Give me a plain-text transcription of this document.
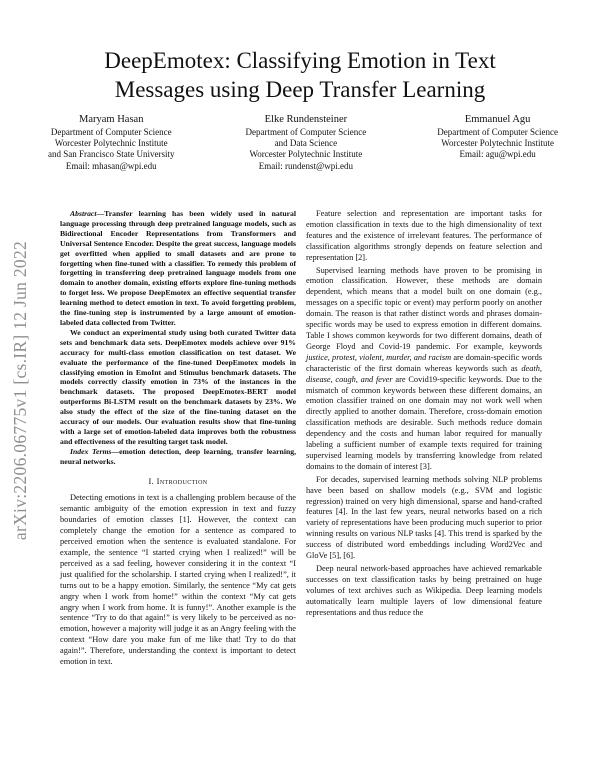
arXiv:2206.06775v1 [cs.IR] 12 Jun 2022
DeepEmotex: Classifying Emotion in Text Messages using Deep Transfer Learning
Maryam Hasan
Department of Computer Science
Worcester Polytechnic Institute
and San Francisco State University
Email: mhasan@wpi.edu
Elke Rundensteiner
Department of Computer Science
and Data Science
Worcester Polytechnic Institute
Email: rundenst@wpi.edu
Emmanuel Agu
Department of Computer Science
Worcester Polytechnic Institute
Email: agu@wpi.edu

Abstract—Transfer learning has been widely used in natural language processing through deep pretrained language models, such as Bidirectional Encoder Representations from Transformers and Universal Sentence Encoder. Despite the great success, language models get overfitted when applied to small datasets and are prone to forgetting when fine-tuned with a classifier. To remedy this problem of forgetting in transferring deep pretrained language models from one domain to another domain, existing efforts explore fine-tuning methods to forget less. We propose DeepEmotex an effective sequential transfer learning method to detect emotion in text. To avoid forgetting problem, the fine-tuning step is instrumented by a large amount of emotion-labeled data collected from Twitter.

We conduct an experimental study using both curated Twitter data sets and benchmark data sets. DeepEmotex models achieve over 91% accuracy for multi-class emotion classification on test dataset. We evaluate the performance of the fine-tuned DeepEmotex models in classifying emotion in EmoInt and Stimulus benchmark datasets. The models correctly classify emotion in 73% of the instances in the benchmark datasets. The proposed DeepEmotex-BERT model outperforms Bi-LSTM result on the benchmark datasets by 23%. We also study the effect of the size of the fine-tuning dataset on the accuracy of our models. Our evaluation results show that fine-tuning with a large set of emotion-labeled data improves both the robustness and effectiveness of the resulting target task model.

Index Terms—emotion detection, deep learning, transfer learning, neural networks.

I. Introduction

Detecting emotions in text is a challenging problem because of the semantic ambiguity of the emotion expression in text and fuzzy boundaries of emotion classes [1]. However, the context can completely change the emotion for a sentence as compared to perceived emotion when the sentence is evaluated standalone. For example, the sentence “I started crying when I realized!” will be perceived as a sad feeling, however considering it in the context “I just qualified for the scholarship. I started crying when I realized!”, it turns out to be a happy emotion. Similarly, the sentence “My cat gets angry when I work from home!” within the context “My cat gets angry when I work from home. It is funny!”. Another example is the sentence “Try to do that again!” is very likely to be perceived as no-emotion, however a majority will judge it as an Angry feeling with the context “How dare you make fun of me like that! Try to do that again!”. Therefore, understanding the context is important to detect emotion in text.

Feature selection and representation are important tasks for emotion classification in texts due to the high dimensionality of text features and the existence of irrelevant features. The performance of classification algorithms strongly depends on feature selection and representation [2].

Supervised learning methods have proven to be promising in emotion classification. However, these methods are domain dependent, which means that a model built on one domain (e.g., messages on a specific topic or event) may perform poorly on another domain. The reason is that rather distinct words and phrases domain-specific words may be used to express emotion in different domains. Table I shows common keywords for two different domains, death of George Floyd and Covid-19 pandemic. For example, keywords justice, protest, violent, murder, and racism are domain-specific words characteristic of the first domain whereas keywords such as death, disease, cough, and fever are Covid19-specific keywords. Due to the mismatch of common keywords between these different domains, an emotion classifier trained on one domain may not work well when directly applied to another domain. Therefore, cross-domain emotion classification methods are desirable. Such methods reduce domain dependency and the costs and human labor required for manually labeling a sufficient number of example texts required for training supervised learning models by transferring knowledge from related domains to the domain of interest [3].

For decades, supervised learning methods solving NLP problems have been based on shallow models (e.g., SVM and logistic regression) trained on very high dimensional, sparse and hand-crafted features [4]. In the last few years, neural networks based on a rich variety of representations have been producing much superior to prior winning results on various NLP tasks [4]. This trend is sparked by the success of distributed word embeddings including Word2Vec and GloVe [5], [6].

Deep neural network-based approaches have achieved remarkable successes on text classification tasks by being pretrained on huge volumes of text archives such as Wikipedia. Deep learning models automatically learn multiple layers of low dimensional feature representations and thus reduce the
